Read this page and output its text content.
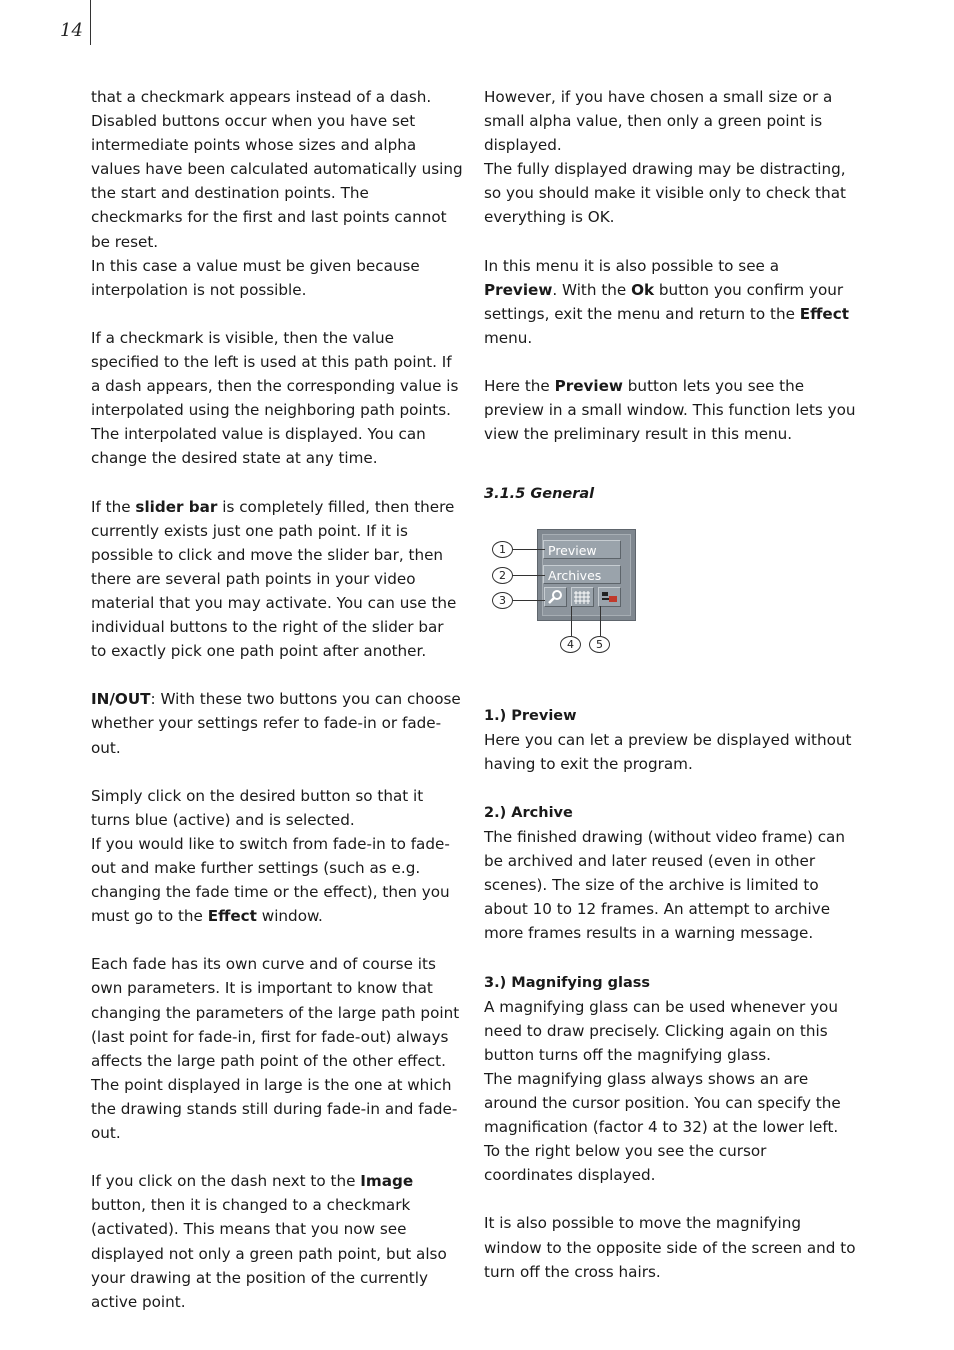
14

that a checkmark appears instead of a dash. Disabled buttons occur when you have set intermediate points whose sizes and alpha values have been calculated automatically using the start and destination points. The checkmarks for the first and last points cannot be reset.
In this case a value must be given because interpolation is not possible.

If a checkmark is visible, then the value specified to the left is used at this path point. If a dash appears, then the corresponding value is interpolated using the neighboring path points. The interpolated value is displayed. You can change the desired state at any time.

If the slider bar is completely filled, then there currently exists just one path point. If it is possible to click and move the slider bar, then there are several path points in your video material that you may activate. You can use the individual buttons to the right of the slider bar to exactly pick one path point after another.

IN/OUT: With these two buttons you can choose whether your settings refer to fade-in or fade-out.

Simply click on the desired button so that it turns blue (active) and is selected.
If you would like to switch from fade-in to fade-out and make further settings (such as e.g. changing the fade time or the effect), then you must go to the Effect window.

Each fade has its own curve and of course its own parameters. It is important to know that changing the parameters of the large path point (last point for fade-in, first for fade-out) always affects the large path point of the other effect. The point displayed in large is the one at which the drawing stands still during fade-in and fade-out.

If you click on the dash next to the Image button, then it is changed to a checkmark (activated). This means that you now see displayed not only a green path point, but also your drawing at the position of the currently active point.

However, if you have chosen a small size or a small alpha value, then only a green point is displayed.
The fully displayed drawing may be distracting, so you should make it visible only to check that everything is OK.

In this menu it is also possible to see a Preview. With the Ok button you confirm your settings, exit the menu and return to the Effect menu.

Here the Preview button lets you see the preview in a small window. This function lets you view the preliminary result in this menu.

3.1.5 General
Preview
Archives
1
2
3
4	5

1.) Preview
Here you can let a preview be displayed without having to exit the program.

2.) Archive
The finished drawing (without video frame) can be archived and later reused (even in other scenes). The size of the archive is limited to about 10 to 12 frames. An attempt to archive more frames results in a warning message.

3.) Magnifying glass
A magnifying glass can be used whenever you need to draw precisely. Clicking again on this button turns off the magnifying glass.
The magnifying glass always shows an are around the cursor position. You can specify the magnification (factor 4 to 32) at the lower left. To the right below you see the cursor coordinates displayed.

It is also possible to move the magnifying window to the opposite side of the screen and to turn off the cross hairs.
